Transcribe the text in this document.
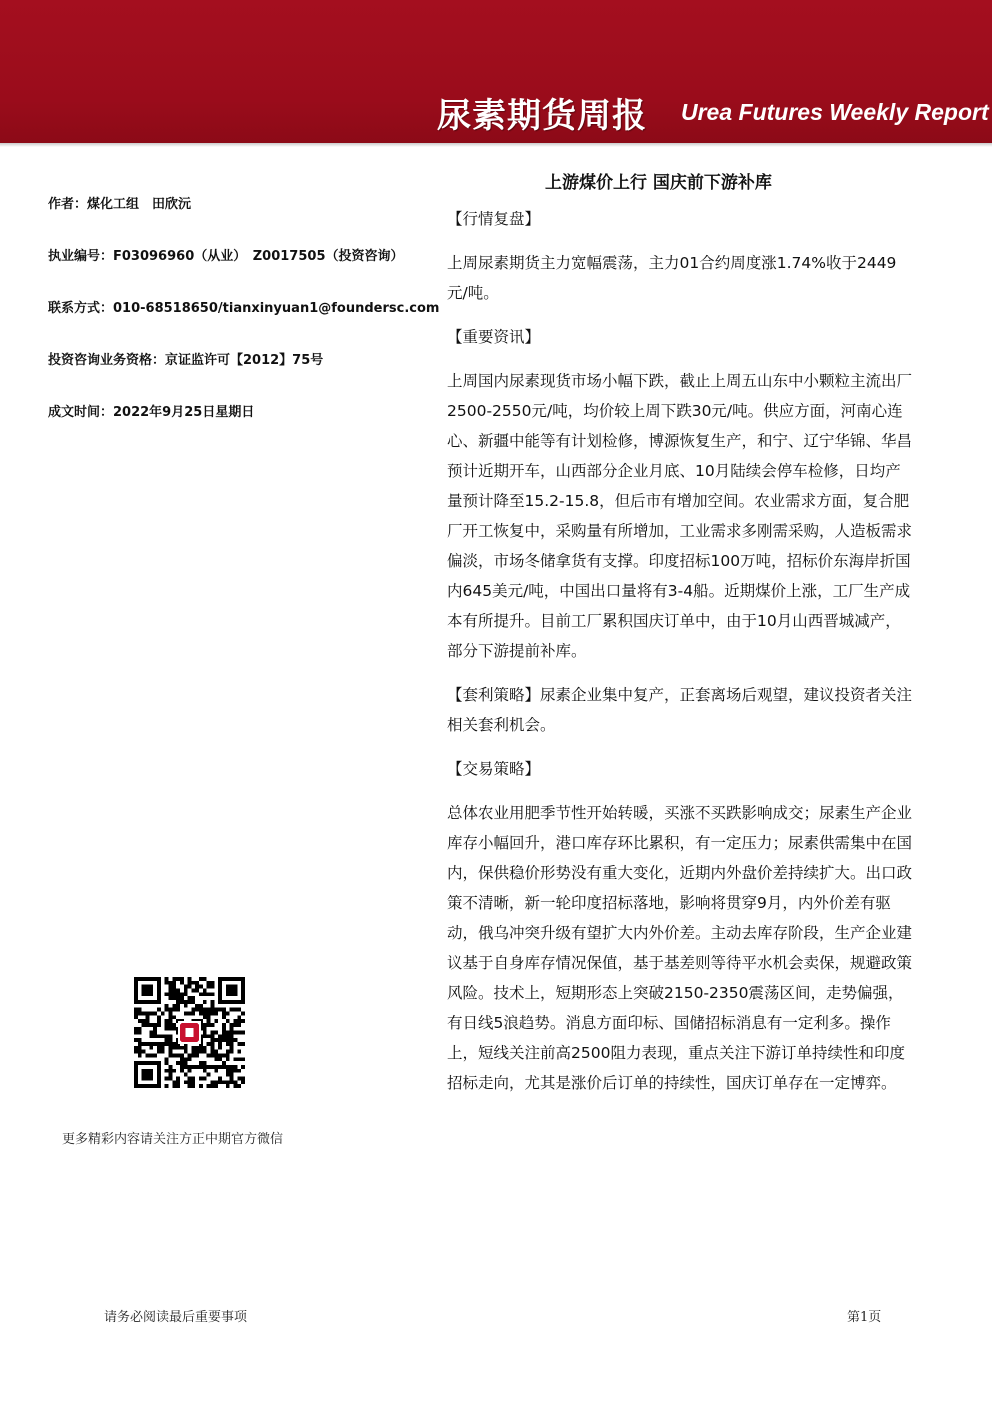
尿素期货周报 Urea Futures Weekly Report
作者：煤化工组　田欣沅
执业编号：F03096960（从业）　Z0017505（投资咨询）
联系方式：010-68518650/tianxinyuan1@foundersc.com
投资咨询业务资格：京证监许可【2012】75号
成文时间：2022年9月25日星期日
更多精彩内容请关注方正中期官方微信
上游煤价上行 国庆前下游补库

【行情复盘】

上周尿素期货主力宽幅震荡，主力01合约周度涨1.74%收于2449元/吨。

【重要资讯】

上周国内尿素现货市场小幅下跌，截止上周五山东中小颗粒主流出厂2500-2550元/吨，均价较上周下跌30元/吨。供应方面，河南心连心、新疆中能等有计划检修，博源恢复生产，和宁、辽宁华锦、华昌预计近期开车，山西部分企业月底、10月陆续会停车检修，日均产量预计降至15.2-15.8，但后市有增加空间。农业需求方面，复合肥厂开工恢复中，采购量有所增加，工业需求多刚需采购，人造板需求偏淡，市场冬储拿货有支撑。印度招标100万吨，招标价东海岸折国内645美元/吨，中国出口量将有3-4船。近期煤价上涨，工厂生产成本有所提升。目前工厂累积国庆订单中，由于10月山西晋城减产，部分下游提前补库。

【套利策略】尿素企业集中复产，正套离场后观望，建议投资者关注相关套利机会。

【交易策略】

总体农业用肥季节性开始转暖，买涨不买跌影响成交；尿素生产企业库存小幅回升，港口库存环比累积，有一定压力；尿素供需集中在国内，保供稳价形势没有重大变化，近期内外盘价差持续扩大。出口政策不清晰，新一轮印度招标落地，影响将贯穿9月，内外价差有驱动，俄乌冲突升级有望扩大内外价差。主动去库存阶段，生产企业建议基于自身库存情况保值，基于基差则等待平水机会卖保，规避政策风险。技术上，短期形态上突破2150-2350震荡区间，走势偏强，有日线5浪趋势。消息方面印标、国储招标消息有一定利多。操作上，短线关注前高2500阻力表现，重点关注下游订单持续性和印度招标走向，尤其是涨价后订单的持续性，国庆订单存在一定博弈。

请务必阅读最后重要事项	第1页
